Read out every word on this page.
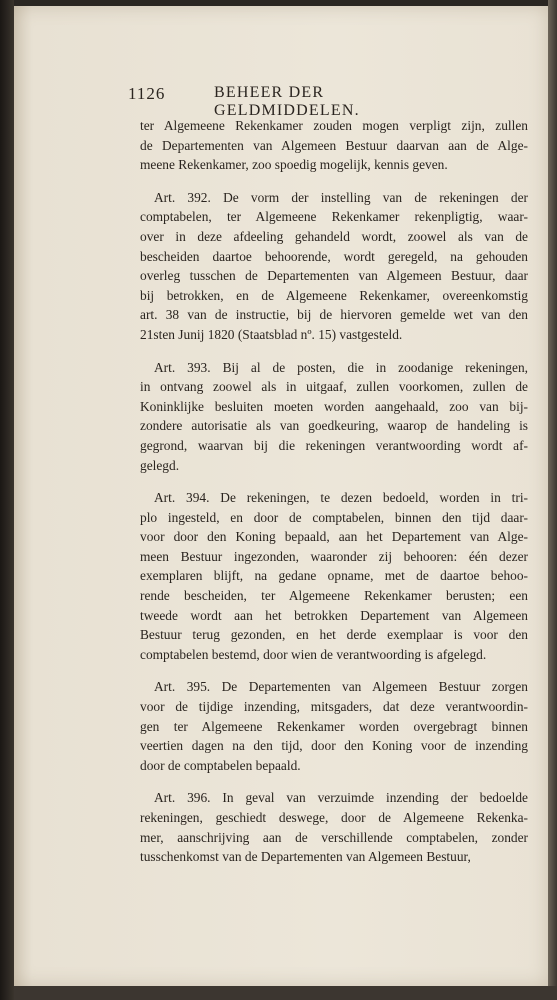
1126	BEHEER DER GELDMIDDELEN.
ter Algemeene Rekenkamer zouden mogen verpligt zijn, zullen
de Departementen van Algemeen Bestuur daarvan aan de Alge-
meene Rekenkamer, zoo spoedig mogelijk, kennis geven.
Art. 392. De vorm der instelling van de rekeningen der
comptabelen, ter Algemeene Rekenkamer rekenpligtig, waar-
over in deze afdeeling gehandeld wordt, zoowel als van de
bescheiden daartoe behoorende, wordt geregeld, na gehouden
overleg tusschen de Departementen van Algemeen Bestuur, daar
bij betrokken, en de Algemeene Rekenkamer, overeenkomstig
art. 38 van de instructie, bij de hiervoren gemelde wet van den
21sten Junij 1820 (Staatsblad nº. 15) vastgesteld.
Art. 393. Bij al de posten, die in zoodanige rekeningen,
in ontvang zoowel als in uitgaaf, zullen voorkomen, zullen de
Koninklijke besluiten moeten worden aangehaald, zoo van bij-
zondere autorisatie als van goedkeuring, waarop de handeling is
gegrond, waarvan bij die rekeningen verantwoording wordt af-
gelegd.
Art. 394. De rekeningen, te dezen bedoeld, worden in tri-
plo ingesteld, en door de comptabelen, binnen den tijd daar-
voor door den Koning bepaald, aan het Departement van Alge-
meen Bestuur ingezonden, waaronder zij behooren: één dezer
exemplaren blijft, na gedane opname, met de daartoe behoo-
rende bescheiden, ter Algemeene Rekenkamer berusten; een
tweede wordt aan het betrokken Departement van Algemeen
Bestuur terug gezonden, en het derde exemplaar is voor den
comptabelen bestemd, door wien de verantwoording is afgelegd.
Art. 395. De Departementen van Algemeen Bestuur zorgen
voor de tijdige inzending, mitsgaders, dat deze verantwoordin-
gen ter Algemeene Rekenkamer worden overgebragt binnen
veertien dagen na den tijd, door den Koning voor de inzending
door de comptabelen bepaald.
Art. 396. In geval van verzuimde inzending der bedoelde
rekeningen, geschiedt deswege, door de Algemeene Rekenka-
mer, aanschrijving aan de verschillende comptabelen, zonder
tusschenkomst van de Departementen van Algemeen Bestuur,
